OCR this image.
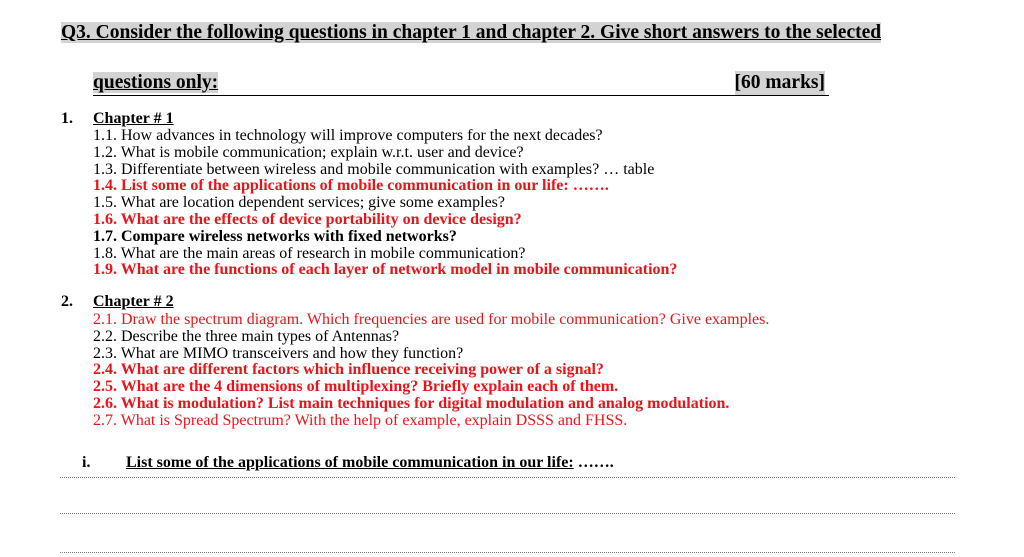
Q3. Consider the following questions in chapter 1 and chapter 2. Give short answers to the selected
questions only:	[60 marks]
1. Chapter # 1
1.1. How advances in technology will improve computers for the next decades?
1.2. What is mobile communication; explain w.r.t. user and device?
1.3. Differentiate between wireless and mobile communication with examples? … table
1.4. List some of the applications of mobile communication in our life: …….
1.5. What are location dependent services; give some examples?
1.6. What are the effects of device portability on device design?
1.7. Compare wireless networks with fixed networks?
1.8. What are the main areas of research in mobile communication?
1.9. What are the functions of each layer of network model in mobile communication?
2. Chapter # 2
2.1. Draw the spectrum diagram. Which frequencies are used for mobile communication? Give examples.
2.2. Describe the three main types of Antennas?
2.3. What are MIMO transceivers and how they function?
2.4. What are different factors which influence receiving power of a signal?
2.5. What are the 4 dimensions of multiplexing? Briefly explain each of them.
2.6. What is modulation? List main techniques for digital modulation and analog modulation.
2.7. What is Spread Spectrum? With the help of example, explain DSSS and FHSS.
i. List some of the applications of mobile communication in our life: …….
